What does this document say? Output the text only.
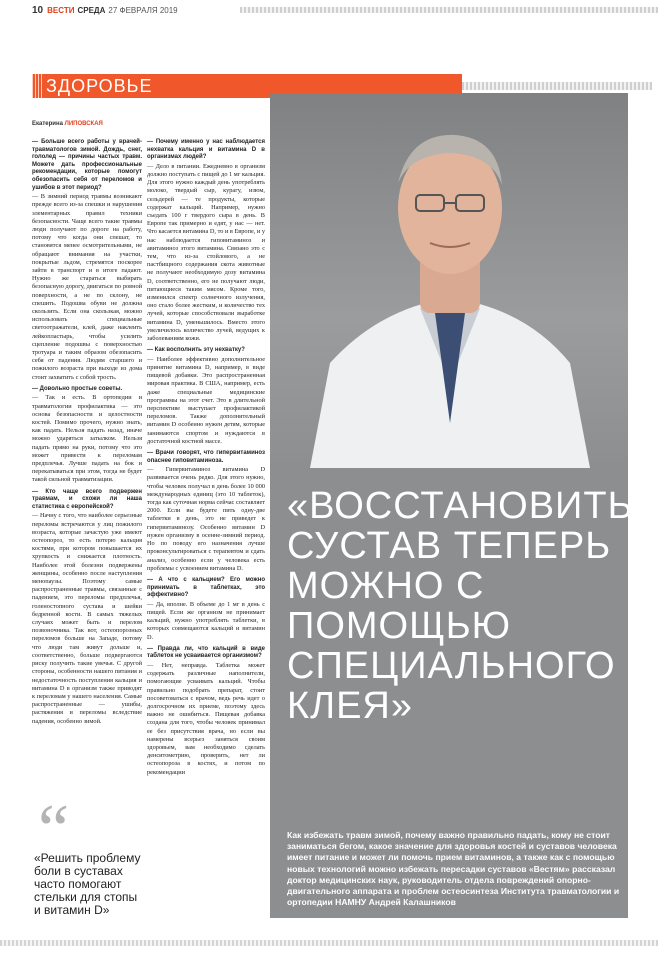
10 ВЕСТИ СРЕДА 27 ФЕВРАЛЯ 2019
ЗДОРОВЬЕ
Екатерина ЛИПОВСКАЯ

— Больше всего работы у врачей-травматологов зимой. Дождь, снег, гололед — причины частых травм. Можете дать профессиональные рекомендации, которые помогут обезопасить себя от переломов и ушибов в этот период?

— В зимний период травмы возникают прежде всего из-за спешки и нарушения элементарных правил техники безопасности. Чаще всего такие травмы люди получают по дороге на работу, потому что когда они спешат, то становятся менее осмотрительными, не обращают внимания на участки, покрытые льдом, стремятся поскорее зайти в транспорт и в итоге падают. Нужно же стараться выбирать безопасную дорогу, двигаться по ровной поверхности, а не по склону, не спешить. Подошва обуви не должна скользить. Если она скользкая, можно использовать специальные светоотражатели, клей, даже наклеить лейкопластырь, чтобы усилить сцепление подошвы с поверхностью тротуара и таким образом обезопасить себя от падения. Людям старшего и пожилого возраста при выходе из дома стоит захватить с собой трость.

— Довольно простые советы.

— Так и есть. В ортопедии и травматологии профилактика — это основа безопасности и целостности костей. Помимо прочего, нужно знать, как падать. Нельзя падать назад, иначе можно ударяться затылком. Нельзя падать прямо на руки, потому что это может привести к переломам предплечья. Лучше падать на бок и перекатываться при этом, тогда не будет такой сильной травматизации.

— Кто чаще всего подвержен травмам, и схожи ли наша статистика с европейской?

— Начну с того, что наиболее серьезные переломы встречаются у лиц пожилого возраста, которые зачастую уже имеют остеопороз, то есть потерю кальция костями, при котором повышается их хрупкость и снижается плотность. Наиболее этой болезни подвержены женщины, особенно после наступления менопаузы. Поэтому самые распространенные травмы, связанные с падением, это переломы предплечья, голеностопного сустава и шейки бедренной кости. В самых тяжелых случаях может быть и перелом позвоночника. Так вот, остеопорозных переломов больше на Западе, потому что люди там живут дольше и, соответственно, больше подвергаются риску получить такие увечья. С другой стороны, особенности нашего питания и недостаточность поступления кальция и витамина D в организм также приводят к переломам у нашего населения. Самые распространенные — ушибы, растяжения и переломы вследствие падения, особенно зимой.

— Почему именно у нас наблюдается нехватка кальция и витамина D в организмах людей?

— Дело в питании. Ежедневно в организм должно поступать с пищей до 1 мг кальция. Для этого нужно каждый день употреблять молоко, твердый сыр, курагу, изюм, сельдерей — те продукты, которые содержат кальций. Например, нужно съедать 100 г твердого сыра в день. В Европе так примерно и едят, у нас — нет. Что касается витамина D, то и в Европе, и у нас наблюдается гиповитаминоз и авитаминоз этого витамина. Связано это с тем, что из-за стойлового, а не пастбищного содержания скота животные не получают необходимую дозу витамина D, соответственно, его не получают люди, питающиеся таким мясом. Кроме того, изменился спектр солнечного излучения, оно стало более жестким, и количество тех лучей, которые способствовали выработке витамина D, уменьшилось. Вместо этого увеличилось количество лучей, ведущих к заболеваниям кожи.

— Как восполнить эту нехватку?

— Наиболее эффективно дополнительное принятие витамина D, например, в виде пищевой добавки. Это распространенная мировая практика. В США, например, есть даже специальные медицинские программы на этот счет. Это в длительной перспективе выступает профилактикой переломов. Также дополнительный витамин D особенно нужен детям, которые занимаются спортом и нуждаются в достаточной костной массе.

— Врачи говорят, что гипервитаминоз опаснее гиповитаминоза.

— Гипервитаминоз витамина D развивается очень редко. Для этого нужно, чтобы человек получал в день более 10 000 международных единиц (это 10 таблеток), тогда как суточная норма сейчас составляет 2000. Если вы будете пить одну-две таблетки в день, это не приведет к гипервитаминозу. Особенно витамин D нужен организму в осенне-зимний период. Но по поводу его назначения лучше проконсультироваться с терапевтом и сдать анализ, особенно если у человека есть проблемы с усвоением витамина D.

— А что с кальцием? Его можно принимать в таблетках, это эффективно?

— Да, вполне. В объеме до 1 мг в день с пищей. Если же организм не принимает кальций, нужно употреблять таблетки, в которых совмещаются кальций и витамин D.

— Правда ли, что кальций в виде таблеток не усваивается организмом?

— Нет, неправда. Таблетка может содержать различные наполнители, помогающие усваивать кальций. Чтобы правильно подобрать препарат, стоит посоветоваться с врачом, ведь речь идет о долгосрочном их приеме, поэтому здесь важно не ошибиться. Пищевая добавка создана для того, чтобы человек принимал ее без присутствия врача, но если вы намерены всерьез заняться своим здоровьем, вам необходимо сделать денситометрию, проверить, нет ли остеопороза в костях, и потом по рекомендации

«ВОССТАНОВИТЬ СУСТАВ ТЕПЕРЬ МОЖНО С ПОМОЩЬЮ СПЕЦИАЛЬНОГО КЛЕЯ»
Как избежать травм зимой, почему важно правильно падать, кому не стоит заниматься бегом, какое значение для здоровья костей и суставов человека имеет питание и может ли помочь прием витаминов, а также как с помощью новых технологий можно избежать пересадки суставов «Вестям» рассказал доктор медицинских наук, руководитель отдела повреждений опорно-двигательного аппарата и проблем остеосинтеза Института травматологии и ортопедии НАМНУ Андрей Калашников
“
«Решить проблему боли в суставах часто помогают стельки для стопы и витамин D»
